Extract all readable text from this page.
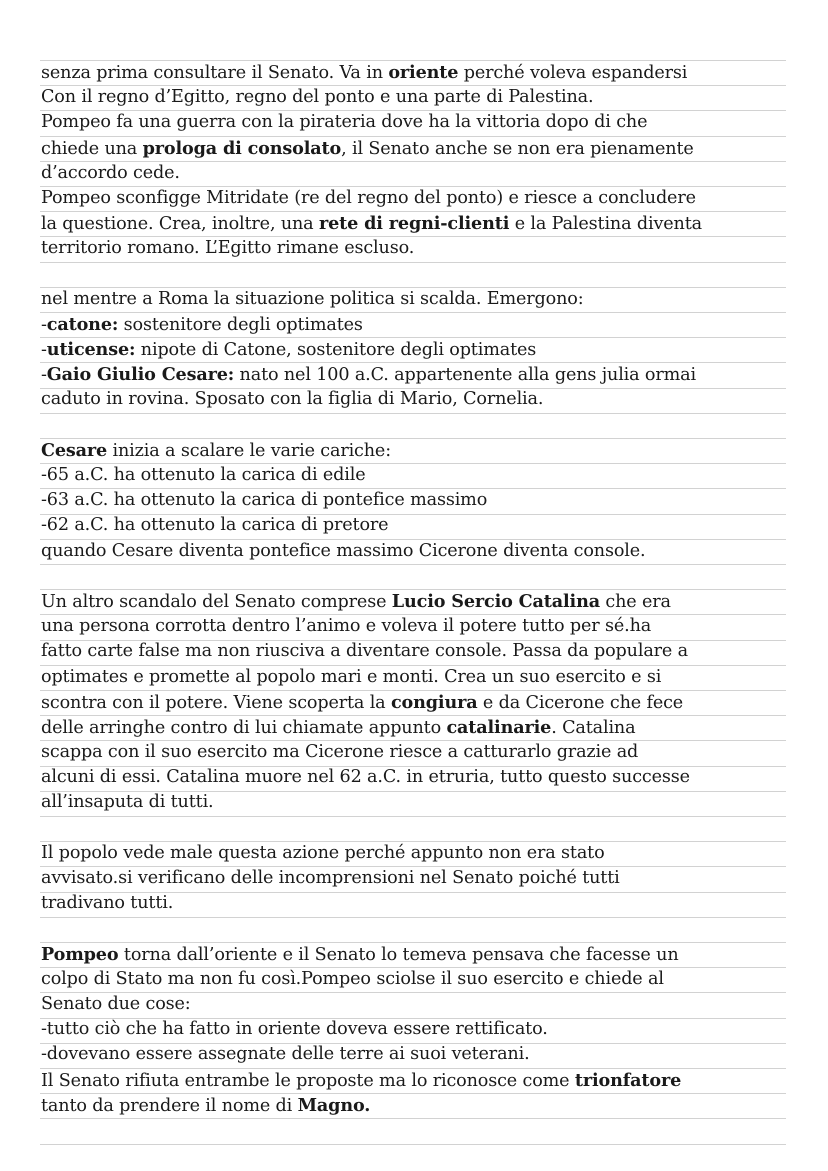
senza prima consultare il Senato. Va in oriente perché voleva espandersi
Con il regno d’Egitto, regno del ponto e una parte di Palestina.
Pompeo fa una guerra con la pirateria dove ha la vittoria dopo di che
chiede una prologa di consolato, il Senato anche se non era pienamente
d’accordo cede.
Pompeo sconfigge Mitridate (re del regno del ponto) e riesce a concludere
la questione. Crea, inoltre, una rete di regni-clienti e la Palestina diventa
territorio romano. L’Egitto rimane escluso.
nel mentre a Roma la situazione politica si scalda. Emergono:
-catone: sostenitore degli optimates
-uticense: nipote di Catone, sostenitore degli optimates
-Gaio Giulio Cesare: nato nel 100 a.C. appartenente alla gens julia ormai
caduto in rovina. Sposato con la figlia di Mario, Cornelia.
Cesare inizia a scalare le varie cariche:
-65 a.C. ha ottenuto la carica di edile
-63 a.C. ha ottenuto la carica di pontefice massimo
-62 a.C. ha ottenuto la carica di pretore
quando Cesare diventa pontefice massimo Cicerone diventa console.
Un altro scandalo del Senato comprese Lucio Sercio Catalina che era
una persona corrotta dentro l’animo e voleva il potere tutto per sé.ha
fatto carte false ma non riusciva a diventare console. Passa da populare a
optimates e promette al popolo mari e monti. Crea un suo esercito e si
scontra con il potere. Viene scoperta la congiura e da Cicerone che fece
delle arringhe contro di lui chiamate appunto catalinarie. Catalina
scappa con il suo esercito ma Cicerone riesce a catturarlo grazie ad
alcuni di essi. Catalina muore nel 62 a.C. in etruria, tutto questo successe
all’insaputa di tutti.
Il popolo vede male questa azione perché appunto non era stato
avvisato.si verificano delle incomprensioni nel Senato poiché tutti
tradivano tutti.
Pompeo torna dall’oriente e il Senato lo temeva pensava che facesse un
colpo di Stato ma non fu così.Pompeo sciolse il suo esercito e chiede al
Senato due cose:
-tutto ciò che ha fatto in oriente doveva essere rettificato.
-dovevano essere assegnate delle terre ai suoi veterani.
Il Senato rifiuta entrambe le proposte ma lo riconosce come trionfatore
tanto da prendere il nome di Magno.
